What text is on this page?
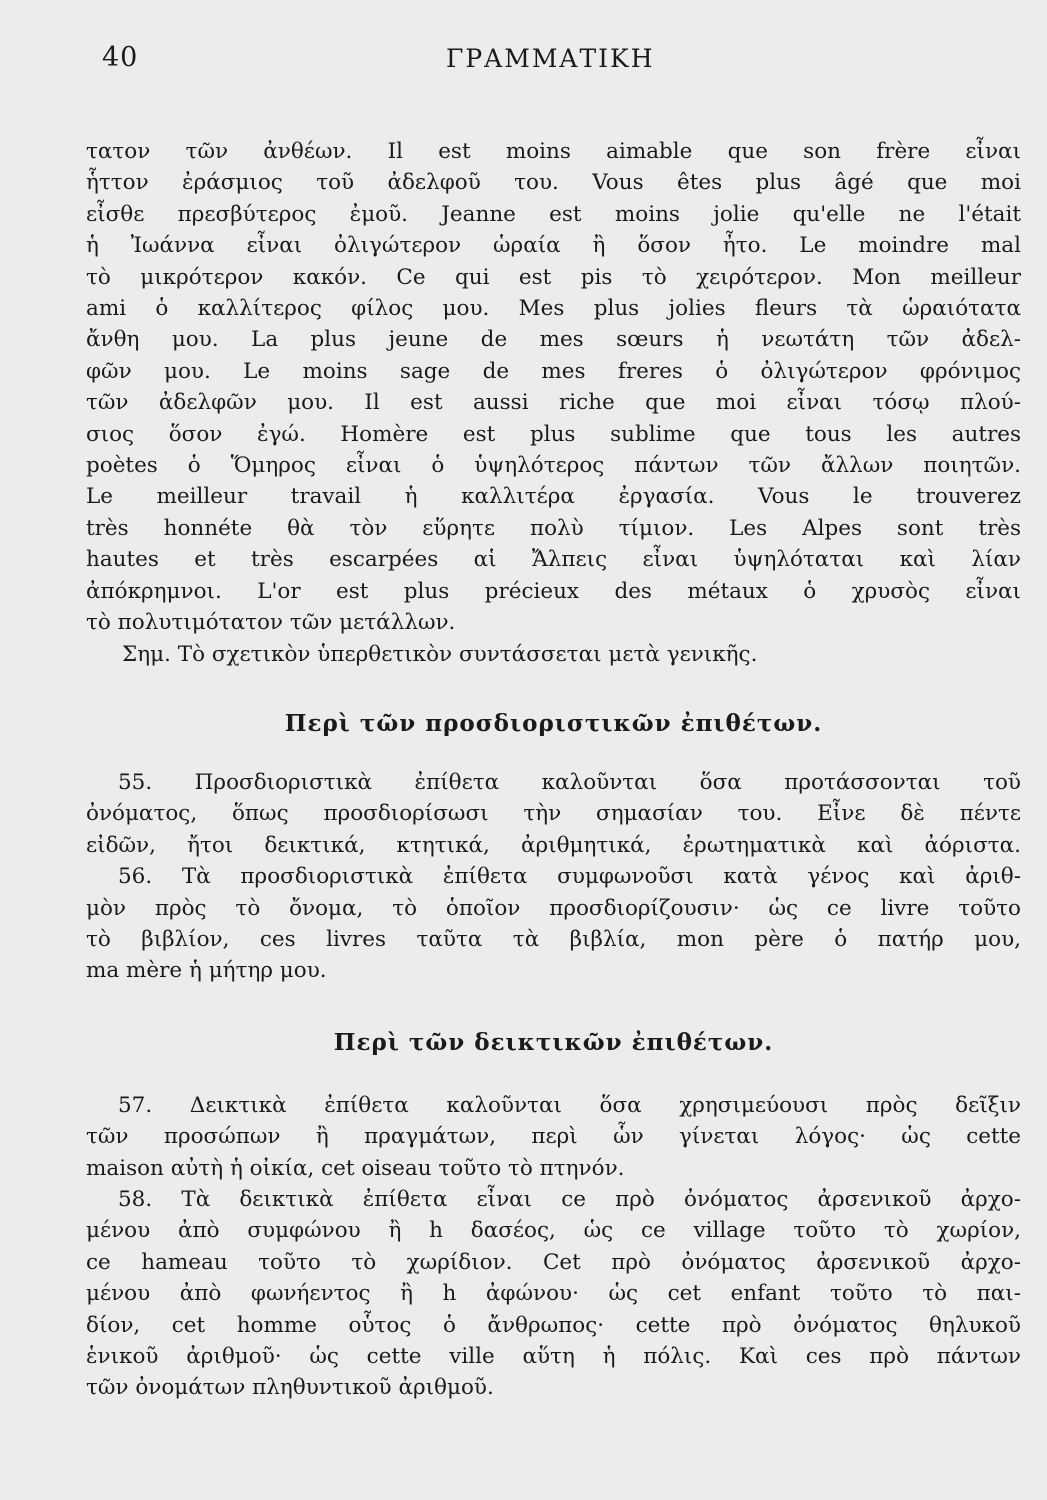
40	ΓΡΑΜΜΑΤΙΚΗ
τατον τῶν ἀνθέων. Il est moins aimable que son frère εἶναι
ἧττον ἐράσμιος τοῦ ἀδελφοῦ του. Vous êtes plus âgé que moi
εἶσθε πρεσβύτερος ἐμοῦ. Jeanne est moins jolie qu'elle ne l'était
ἡ Ἰωάννα εἶναι ὀλιγώτερον ὡραία ἢ ὅσον ἦτο. Le moindre mal
τὸ μικρότερον κακόν. Ce qui est pis τὸ χειρότερον. Mon meilleur
ami ὁ καλλίτερος φίλος μου. Mes plus jolies fleurs τὰ ὡραιότατα
ἄνθη μου. La plus jeune de mes sœurs ἡ νεωτάτη τῶν ἀδελ-
φῶν μου. Le moins sage de mes freres ὁ ὀλιγώτερον φρόνιμος
τῶν ἀδελφῶν μου. Il est aussi riche que moi εἶναι τόσῳ πλού-
σιος ὅσον ἐγώ. Homère est plus sublime que tous les autres
poètes ὁ Ὅμηρος εἶναι ὁ ὑψηλότερος πάντων τῶν ἄλλων ποιητῶν.
Le meilleur travail ἡ καλλιτέρα ἐργασία. Vous le trouverez
très honnéte θὰ τὸν εὕρητε πολὺ τίμιον. Les Alpes sont très
hautes et très escarpées αἱ Ἄλπεις εἶναι ὑψηλόταται καὶ λίαν
ἀπόκρημνοι. L'or est plus précieux des métaux ὁ χρυσὸς εἶναι
τὸ πολυτιμότατον τῶν μετάλλων.
Σημ. Τὸ σχετικὸν ὑπερθετικὸν συντάσσεται μετὰ γενικῆς.
Περὶ τῶν προσδιοριστικῶν ἐπιθέτων.
55. Προσδιοριστικὰ ἐπίθετα καλοῦνται ὅσα προτάσσονται τοῦ
ὀνόματος, ὅπως προσδιορίσωσι τὴν σημασίαν του. Εἶνε δὲ πέντε
εἰδῶν, ἤτοι δεικτικά, κτητικά, ἀριθμητικά, ἐρωτηματικὰ καὶ ἀόριστα.
56. Τὰ προσδιοριστικὰ ἐπίθετα συμφωνοῦσι κατὰ γένος καὶ ἀριθ-
μὸν πρὸς τὸ ὄνομα, τὸ ὁποῖον προσδιορίζουσιν· ὡς ce livre τοῦτο
τὸ βιβλίον, ces livres ταῦτα τὰ βιβλία, mon père ὁ πατήρ μου,
ma mère ἡ μήτηρ μου.
Περὶ τῶν δεικτικῶν ἐπιθέτων.
57. Δεικτικὰ ἐπίθετα καλοῦνται ὅσα χρησιμεύουσι πρὸς δεῖξιν
τῶν προσώπων ἢ πραγμάτων, περὶ ὧν γίνεται λόγος· ὡς cette
maison αὐτὴ ἡ οἰκία, cet oiseau τοῦτο τὸ πτηνόν.
58. Τὰ δεικτικὰ ἐπίθετα εἶναι ce πρὸ ὀνόματος ἀρσενικοῦ ἀρχο-
μένου ἀπὸ συμφώνου ἢ h δασέος, ὡς ce village τοῦτο τὸ χωρίον,
ce hameau τοῦτο τὸ χωρίδιον. Cet πρὸ ὀνόματος ἀρσενικοῦ ἀρχο-
μένου ἀπὸ φωνήεντος ἢ h ἀφώνου· ὡς cet enfant τοῦτο τὸ παι-
δίον, cet homme οὗτος ὁ ἄνθρωπος· cette πρὸ ὀνόματος θηλυκοῦ
ἑνικοῦ ἀριθμοῦ· ὡς cette ville αὕτη ἡ πόλις. Καὶ ces πρὸ πάντων
τῶν ὀνομάτων πληθυντικοῦ ἀριθμοῦ.
